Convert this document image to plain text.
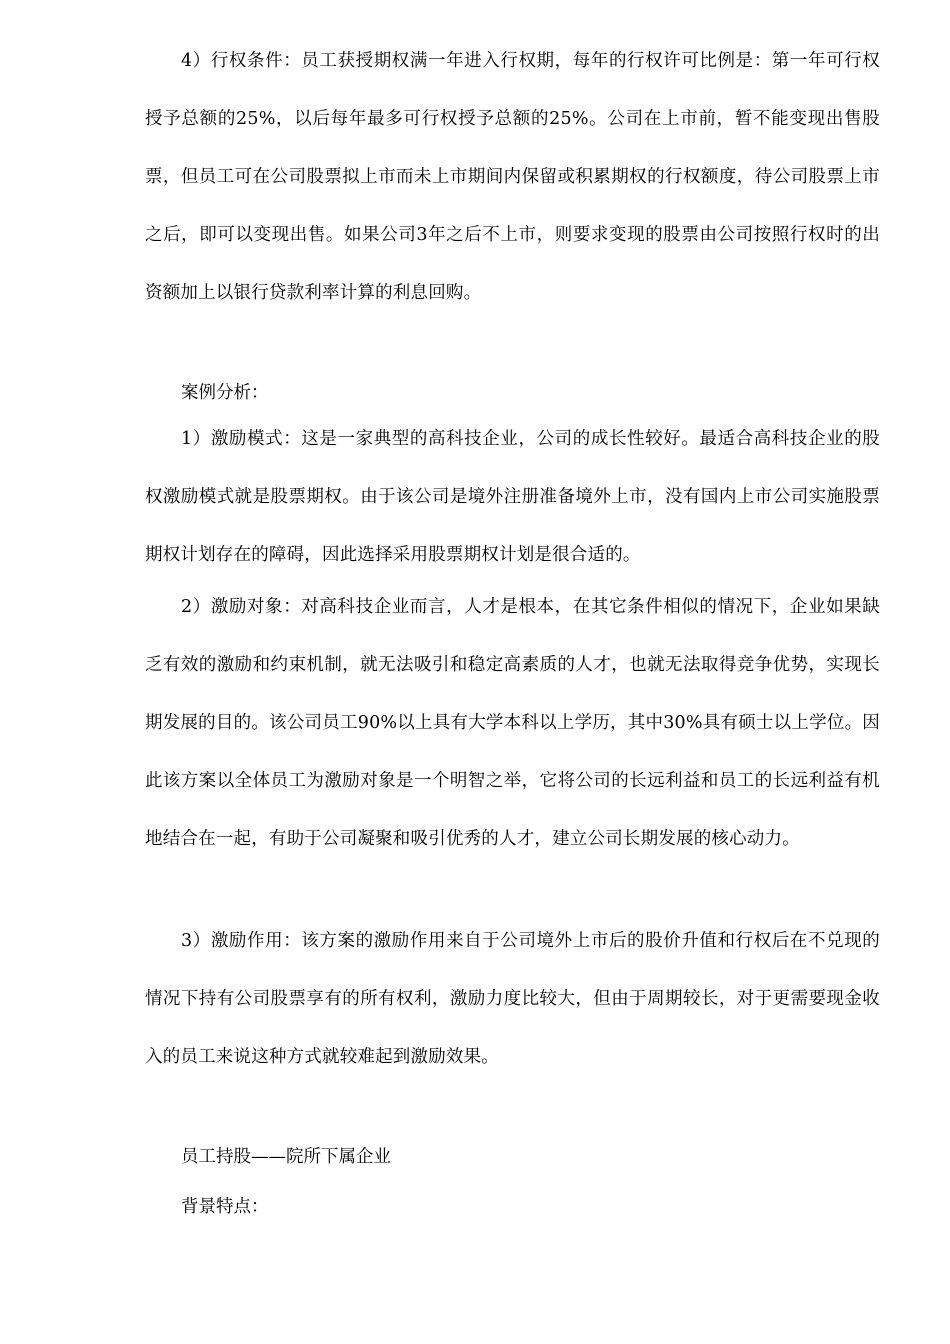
4）行权条件：员工获授期权满一年进入行权期，每年的行权许可比例是：第一年可行权授予总额的25%，以后每年最多可行权授予总额的25%。公司在上市前，暂不能变现出售股票，但员工可在公司股票拟上市而未上市期间内保留或积累期权的行权额度，待公司股票上市之后，即可以变现出售。如果公司3年之后不上市，则要求变现的股票由公司按照行权时的出资额加上以银行贷款利率计算的利息回购。

案例分析：

1）激励模式：这是一家典型的高科技企业，公司的成长性较好。最适合高科技企业的股权激励模式就是股票期权。由于该公司是境外注册准备境外上市，没有国内上市公司实施股票期权计划存在的障碍，因此选择采用股票期权计划是很合适的。

2）激励对象：对高科技企业而言，人才是根本，在其它条件相似的情况下，企业如果缺乏有效的激励和约束机制，就无法吸引和稳定高素质的人才，也就无法取得竞争优势，实现长期发展的目的。该公司员工90%以上具有大学本科以上学历，其中30%具有硕士以上学位。因此该方案以全体员工为激励对象是一个明智之举，它将公司的长远利益和员工的长远利益有机地结合在一起，有助于公司凝聚和吸引优秀的人才，建立公司长期发展的核心动力。

3）激励作用：该方案的激励作用来自于公司境外上市后的股价升值和行权后在不兑现的情况下持有公司股票享有的所有权利，激励力度比较大，但由于周期较长，对于更需要现金收入的员工来说这种方式就较难起到激励效果。

员工持股——院所下属企业

背景特点：
